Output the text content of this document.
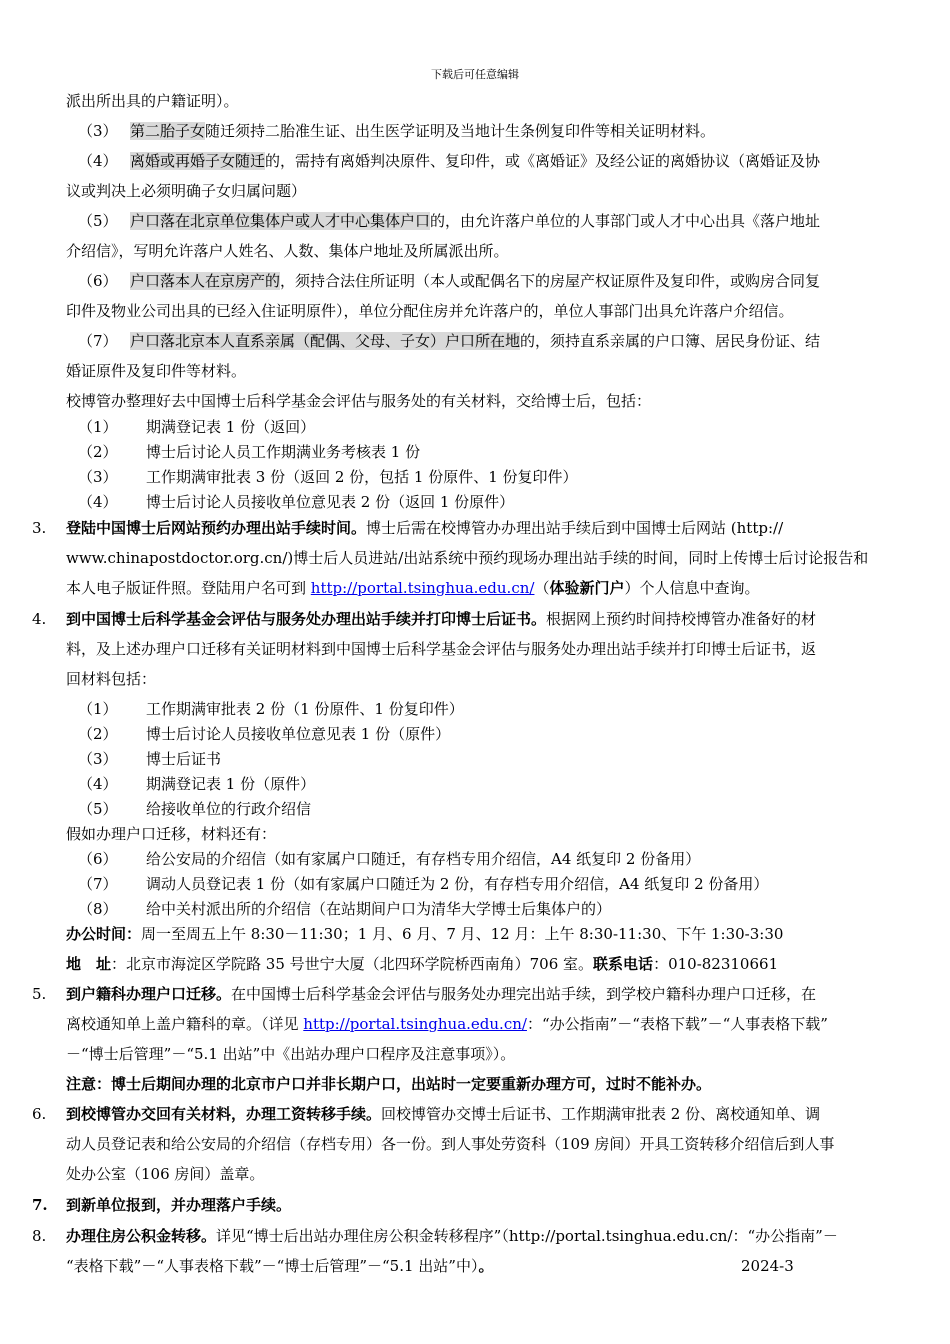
下载后可任意编辑
派出所出具的户籍证明）。
（3） 第二胎子女随迁须持二胎准生证、出生医学证明及当地计生条例复印件等相关证明材料。
（4） 离婚或再婚子女随迁的，需持有离婚判决原件、复印件，或《离婚证》及经公证的离婚协议（离婚证及协
议或判决上必须明确子女归属问题）
（5） 户口落在北京单位集体户或人才中心集体户口的，由允许落户单位的人事部门或人才中心出具《落户地址
介绍信》，写明允许落户人姓名、人数、集体户地址及所属派出所。
（6） 户口落本人在京房产的，须持合法住所证明（本人或配偶名下的房屋产权证原件及复印件，或购房合同复
印件及物业公司出具的已经入住证明原件），单位分配住房并允许落户的，单位人事部门出具允许落户介绍信。
（7） 户口落北京本人直系亲属（配偶、父母、子女）户口所在地的，须持直系亲属的户口簿、居民身份证、结
婚证原件及复印件等材料。
校博管办整理好去中国博士后科学基金会评估与服务处的有关材料，交给博士后，包括：
（1） 期满登记表 1 份（返回）
（2） 博士后讨论人员工作期满业务考核表 1 份
（3） 工作期满审批表 3 份（返回 2 份，包括 1 份原件、1 份复印件）
（4） 博士后讨论人员接收单位意见表 2 份（返回 1 份原件）
3. 登陆中国博士后网站预约办理出站手续时间。博士后需在校博管办办理出站手续后到中国博士后网站 (http://
www.chinapostdoctor.org.cn/)博士后人员进站/出站系统中预约现场办理出站手续的时间，同时上传博士后讨论报告和
本人电子版证件照。登陆用户名可到 http://portal.tsinghua.edu.cn/（体验新门户）个人信息中查询。
4. 到中国博士后科学基金会评估与服务处办理出站手续并打印博士后证书。根据网上预约时间持校博管办准备好的材
料，及上述办理户口迁移有关证明材料到中国博士后科学基金会评估与服务处办理出站手续并打印博士后证书，返
回材料包括：
（1） 工作期满审批表 2 份（1 份原件、1 份复印件）
（2） 博士后讨论人员接收单位意见表 1 份（原件）
（3） 博士后证书
（4） 期满登记表 1 份（原件）
（5） 给接收单位的行政介绍信
假如办理户口迁移，材料还有：
（6） 给公安局的介绍信（如有家属户口随迁，有存档专用介绍信，A4 纸复印 2 份备用）
（7） 调动人员登记表 1 份（如有家属户口随迁为 2 份，有存档专用介绍信，A4 纸复印 2 份备用）
（8） 给中关村派出所的介绍信（在站期间户口为清华大学博士后集体户的）
办公时间：周一至周五上午 8:30－11:30；1 月、6 月、7 月、12 月：上午 8:30-11:30、下午 1:30-3:30
地　址：北京市海淀区学院路 35 号世宁大厦（北四环学院桥西南角）706 室。联系电话：010-82310661
5. 到户籍科办理户口迁移。在中国博士后科学基金会评估与服务处办理完出站手续，到学校户籍科办理户口迁移，在
离校通知单上盖户籍科的章。（详见 http://portal.tsinghua.edu.cn/：“办公指南”－“表格下载”－“人事表格下载”
－“博士后管理”－“5.1 出站”中《出站办理户口程序及注意事项》）。
注意：博士后期间办理的北京市户口并非长期户口，出站时一定要重新办理方可，过时不能补办。
6. 到校博管办交回有关材料，办理工资转移手续。回校博管办交博士后证书、工作期满审批表 2 份、离校通知单、调
动人员登记表和给公安局的介绍信（存档专用）各一份。到人事处劳资科（109 房间）开具工资转移介绍信后到人事
处办公室（106 房间）盖章。
7. 到新单位报到，并办理落户手续。
8. 办理住房公积金转移。详见“博士后出站办理住房公积金转移程序”（http://portal.tsinghua.edu.cn/：“办公指南”－
“表格下载”－“人事表格下载”－“博士后管理”－“5.1 出站”中）。	2024-3
